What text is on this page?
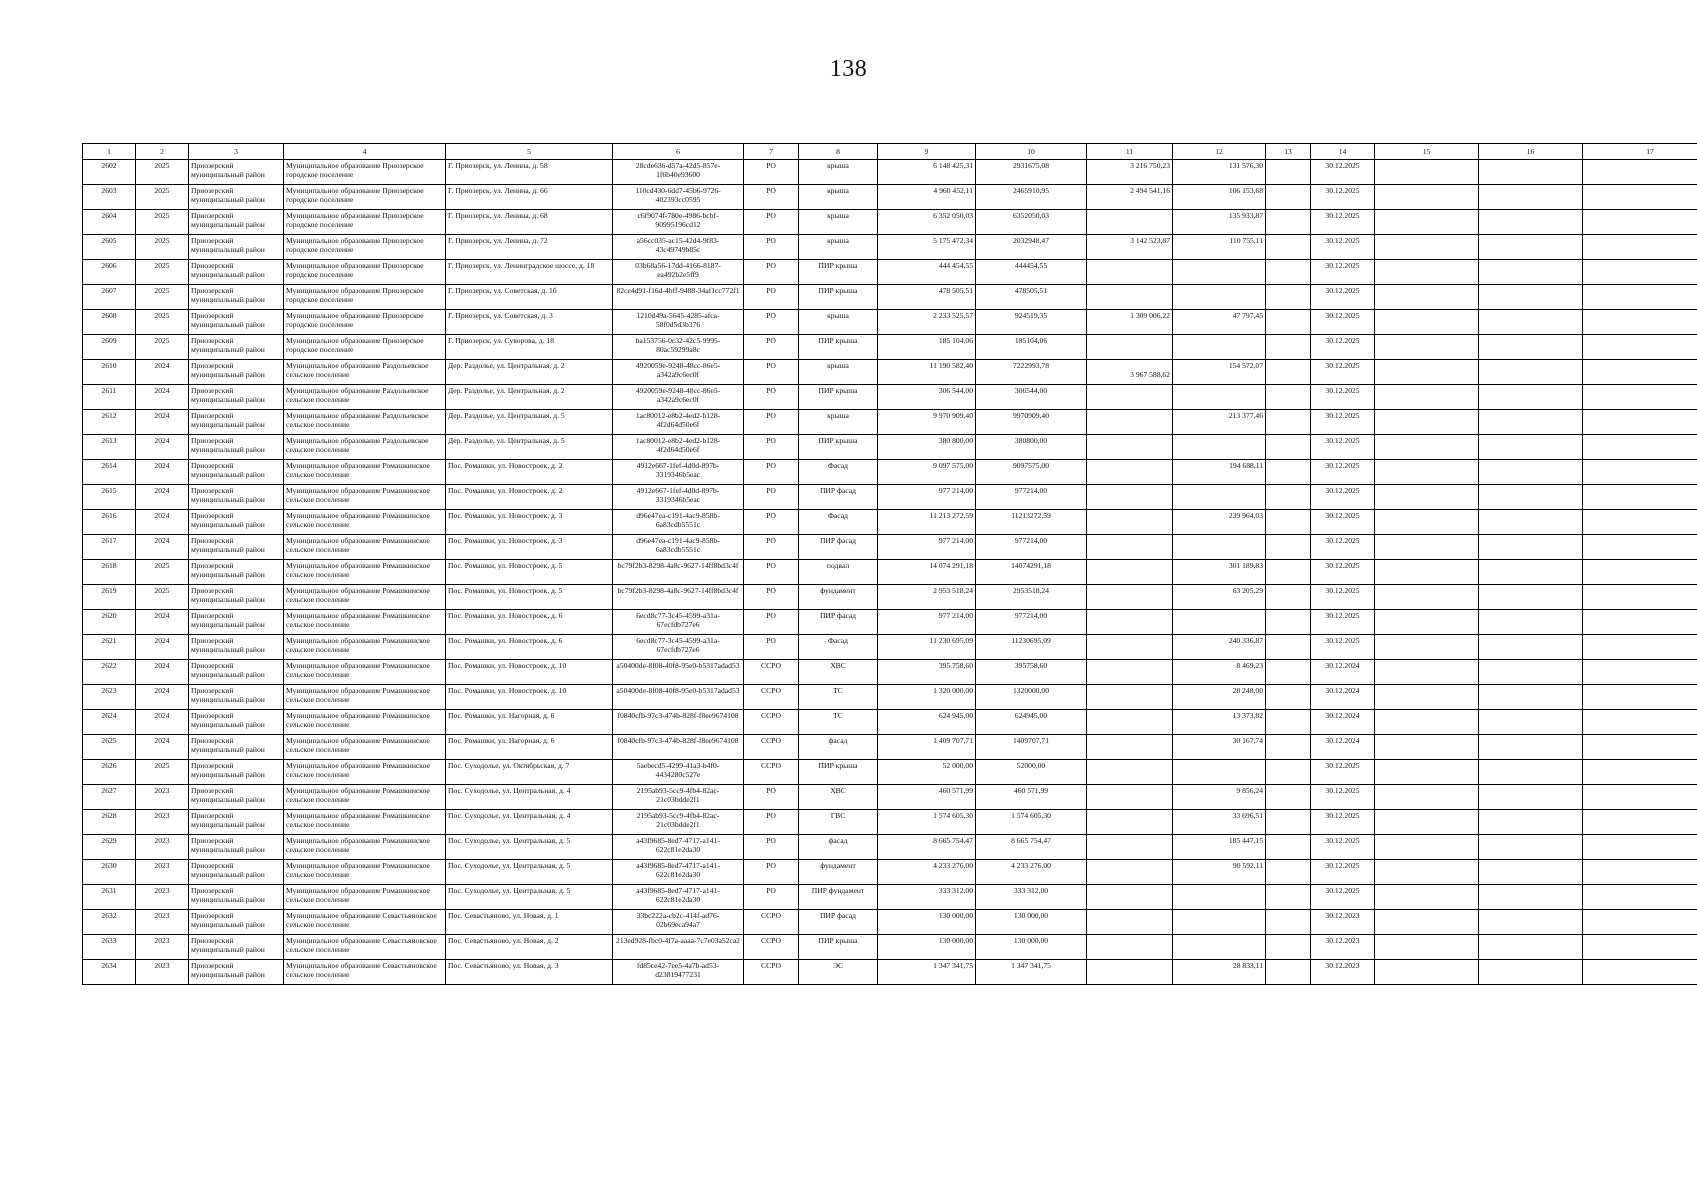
138
1	2	3	4	5	6	7	8	9	10	11	12	13	14	15	16	17
2602	2025	Приозерский муниципальный район	Муниципальное образование Приозерское городское поселение	Г. Приозерск, ул. Ленина, д. 58	28cde636-d57a-42d5-857e-1f6b40e93600	РО	крыша	6 148 425,31	2931675,08	3 216 750,23	131 576,30		30.12.2025			
2603	2025	Приозерский муниципальный район	Муниципальное образование Приозерское городское поселение	Г. Приозерск, ул. Ленина, д. 66	110cd430-6dd7-45b6-9726-402393cc0595	РО	крыша	4 960 452,11	2465910,95	2 494 541,16	106 153,68		30.12.2025			
2604	2025	Приозерский муниципальный район	Муниципальное образование Приозерское городское поселение	Г. Приозерск, ул. Ленина, д. 68	c6f9074f-780e-4986-bcbf-90995196cd12	РО	крыша	6 352 050,03	6352050,03		135 933,87		30.12.2025			
2605	2025	Приозерский муниципальный район	Муниципальное образование Приозерское городское поселение	Г. Приозерск, ул. Ленина, д. 72	a56cc035-ac15-42d4-9f83-43c49749b85c	РО	крыша	5 175 472,34	2032948,47	3 142 523,87	110 755,11		30.12.2025			
2606	2025	Приозерский муниципальный район	Муниципальное образование Приозерское городское поселение	Г. Приозерск, ул. Ленинградское шоссе, д. 18	03b68a56-17dd-4166-8187-ea492b2e5ff9	РО	ПИР крыша	444 454,55	444454,55				30.12.2025			
2607	2025	Приозерский муниципальный район	Муниципальное образование Приозерское городское поселение	Г. Приозерск, ул. Советская, д. 1б	82ce4d91-f16d-4bff-9488-34af1cc772f1	РО	ПИР крыша	478 505,51	478505,51				30.12.2025			
2608	2025	Приозерский муниципальный район	Муниципальное образование Приозерское городское поселение	Г. Приозерск, ул. Советская, д. 3	1210d49a-5645-4285-afca-58f0d5d3b376	РО	крыша	2 233 525,57	924519,35	1 309 006,22	47 797,45		30.12.2025			
2609	2025	Приозерский муниципальный район	Муниципальное образование Приозерское городское поселение	Г. Приозерск, ул. Суворова, д. 18	ba153756-0c32-42c5-9995-80ac59299a8c	РО	ПИР крыша	185 104,06	185104,06				30.12.2025			
2610	2024	Приозерский муниципальный район	Муниципальное образование Раздольевское сельское поселение	Дер. Раздолье, ул. Центральная, д. 2	4920059e-9248-48cc-86e5-a342a9c6ec0f	РО	крыша	11 190 582,40	7222993,78	3 967 588,62	154 572,07		30.12.2025			
2611	2024	Приозерский муниципальный район	Муниципальное образование Раздольевское сельское поселение	Дер. Раздолье, ул. Центральная, д. 2	4920059e-9248-48cc-86e5-a342a9c6ec0f	РО	ПИР крыша	306 544,00	306544,00				30.12.2025			
2612	2024	Приозерский муниципальный район	Муниципальное образование Раздольевское сельское поселение	Дер. Раздолье, ул. Центральная, д. 5	1ac80012-e8b2-4ed2-b128-4f2d64d50e6f	РО	крыша	9 970 909,40	9970909,40		213 377,46		30.12.2025			
2613	2024	Приозерский муниципальный район	Муниципальное образование Раздольевское сельское поселение	Дер. Раздолье, ул. Центральная, д. 5	1ac80012-e8b2-4ed2-b128-4f2d64d50e6f	РО	ПИР крыша	380 800,00	380800,00				30.12.2025			
2614	2024	Приозерский муниципальный район	Муниципальное образование Ромашкинское сельское поселение	Пос. Ромашки, ул. Новостроек, д. 2	4912e667-1fef-4d0d-897b-3319346b5eac	РО	Фасад	9 097 575,00	9097575,00		194 688,11		30.12.2025			
2615	2024	Приозерский муниципальный район	Муниципальное образование Ромашкинское сельское поселение	Пос. Ромашки, ул. Новостроек, д. 2	4912e667-1fef-4d0d-897b-3319346b5eac	РО	ПИР фасад	977 214,00	977214,00				30.12.2025			
2616	2024	Приозерский муниципальный район	Муниципальное образование Ромашкинское сельское поселение	Пос. Ромашки, ул. Новостроек, д. 3	d96e47ea-c191-4ac9-858b-6a83cdb5551c	РО	Фасад	11 213 272,59	11213272,59		239 964,03		30.12.2025			
2617	2024	Приозерский муниципальный район	Муниципальное образование Ромашкинское сельское поселение	Пос. Ромашки, ул. Новостроек, д. 3	d96e47ea-c191-4ac9-858b-6a83cdb5551c	РО	ПИР фасад	977 214,00	977214,00				30.12.2025			
2618	2025	Приозерский муниципальный район	Муниципальное образование Ромашкинское сельское поселение	Пос. Ромашки, ул. Новостроек, д. 5	bc79f2b3-8298-4a8c-9627-14ff8bd3c4f	РО	подвал	14 074 291,18	14074291,18		301 189,83		30.12.2025			
2619	2025	Приозерский муниципальный район	Муниципальное образование Ромашкинское сельское поселение	Пос. Ромашки, ул. Новостроек, д. 5	bc79f2b3-8298-4a8c-9627-14ff8bd3c4f	РО	фундамент	2 953 518,24	2953518,24		63 205,29		30.12.2025			
2620	2024	Приозерский муниципальный район	Муниципальное образование Ромашкинское сельское поселение	Пос. Ромашки, ул. Новостроек, д. 6	6ecd8c77-3c45-4599-a31a-67ecfdb727e6	РО	ПИР фасад	977 214,00	977214,00				30.12.2025			
2621	2024	Приозерский муниципальный район	Муниципальное образование Ромашкинское сельское поселение	Пос. Ромашки, ул. Новостроек, д. 6	6ecd8c77-3c45-4599-a31a-67ecfdb727e6	РО	Фасад	11 230 695,09	11230695,09		240 336,87		30.12.2025			
2622	2024	Приозерский муниципальный район	Муниципальное образование Ромашкинское сельское поселение	Пос. Ромашки, ул. Новостроек, д. 10	a50400de-8f08-40f8-95e0-b5317adad53	ССРО	ХВС	395 758,60	395758,60		8 469,23		30.12.2024			
2623	2024	Приозерский муниципальный район	Муниципальное образование Ромашкинское сельское поселение	Пос. Ромашки, ул. Новостроек, д. 10	a50400de-8f08-40f8-95e0-b5317adad53	ССРО	ТС	1 320 000,00	1320000,00		28 248,00		30.12.2024			
2624	2024	Приозерский муниципальный район	Муниципальное образование Ромашкинское сельское поселение	Пос. Ромашки, ул. Нагорная, д. 6	f0840cfb-97c3-474b-828f-f8ee9674108	ССРО	ТС	624 945,00	624945,00		13 373,82		30.12.2024			
2625	2024	Приозерский муниципальный район	Муниципальное образование Ромашкинское сельское поселение	Пос. Ромашки, ул. Нагорная, д. 6	f0840cfb-97c3-474b-828f-f8ee9674108	ССРО	фасад	1 409 707,71	1409707,71		30 167,74		30.12.2024			
2626	2025	Приозерский муниципальный район	Муниципальное образование Ромашкинское сельское поселение	Пос. Суходолье, ул. Октябрьская, д. 7	5aebecd5-4299-41a3-b4f0-4434280c527e	ССРО	ПИР крыша	52 000,00	52000,00				30.12.2025			
2627	2023	Приозерский муниципальный район	Муниципальное образование Ромашкинское сельское поселение	Пос. Суходолье, ул. Центральная, д. 4	2195ab93-5cc9-4fb4-82ac-21c03bdde2f1	РО	ХВС	460 571,99	460 571,99		9 856,24		30.12.2025			
2628	2023	Приозерский муниципальный район	Муниципальное образование Ромашкинское сельское поселение	Пос. Суходолье, ул. Центральная, д. 4	2195ab93-5cc9-4fb4-82ac-21c03bdde2f1	РО	ГВС	1 574 605,30	1 574 605,30		33 696,51		30.12.2025			
2629	2023	Приозерский муниципальный район	Муниципальное образование Ромашкинское сельское поселение	Пос. Суходолье, ул. Центральная, д. 5	a43f9685-8ed7-4717-a141-622c81e2da30	РО	фасад	8 665 754,47	8 665 754,47		185 447,15		30.12.2025			
2630	2023	Приозерский муниципальный район	Муниципальное образование Ромашкинское сельское поселение	Пос. Суходолье, ул. Центральная, д. 5	a43f9685-8ed7-4717-a141-622c81e2da30	РО	фундамент	4 233 276,00	4 233 276,00		90 592,11		30.12.2025			
2631	2023	Приозерский муниципальный район	Муниципальное образование Ромашкинское сельское поселение	Пос. Суходолье, ул. Центральная, д. 5	a43f9685-8ed7-4717-a141-622c81e2da30	РО	ПИР фундамент	333 312,00	333 312,00				30.12.2025			
2632	2023	Приозерский муниципальный район	Муниципальное образование Севастьяновское сельское поселение	Пос. Севастьяново, ул. Новая, д. 1	33bc222a-cb2c-414f-ad76-02b69eca94a7	ССРО	ПИР фасад	130 000,00	130 000,00				30.12.2023			
2633	2023	Приозерский муниципальный район	Муниципальное образование Севастьяновское сельское поселение	Пос. Севастьяново, ул. Новая, д. 2	213ed928-fbc0-4f7a-aaaa-7c7e03a52ca2	ССРО	ПИР крыша	130 000,00	130 000,00				30.12.2023			
2634	2023	Приозерский муниципальный район	Муниципальное образование Севастьяновское сельское поселение	Пос. Севастьяново, ул. Новая, д. 3	fd85ce42-7ee5-4a7b-ad53-d23819477231	ССРО	ЭС	1 347 341,75	1 347 341,75		28 833,11		30.12.2023			
